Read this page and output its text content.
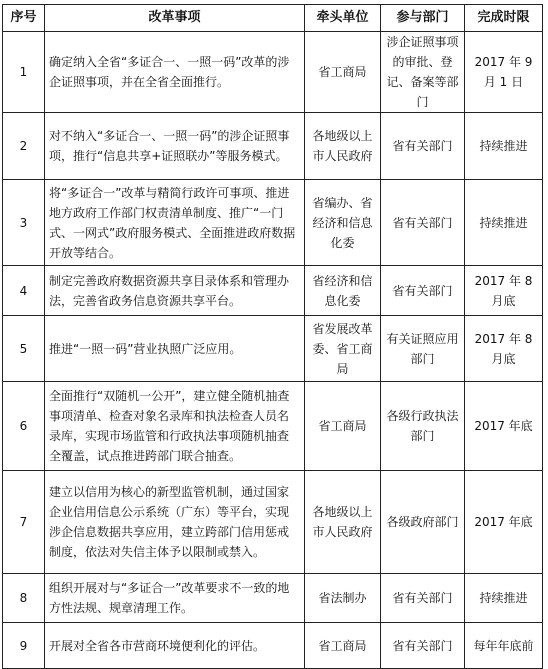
序号	改革事项	牵头单位	参与部门	完成时限
1	确定纳入全省“多证合一、一照一码”改革的涉企证照事项，并在全省全面推行。	省工商局	涉企证照事项的审批、登记、备案等部门	2017 年 9 月 1 日
2	对不纳入“多证合一、一照一码”的涉企证照事项，推行“信息共享+证照联办”等服务模式。	各地级以上市人民政府	省有关部门	持续推进
3	将“多证合一”改革与精简行政许可事项、推进地方政府工作部门权责清单制度、推广“一门式、一网式”政府服务模式、全面推进政府数据开放等结合。	省编办、省经济和信息化委	省有关部门	持续推进
4	制定完善政府数据资源共享目录体系和管理办法，完善省政务信息资源共享平台。	省经济和信息化委	省有关部门	2017 年 8 月底
5	推进“一照一码”营业执照广泛应用。	省发展改革委、省工商局	有关证照应用部门	2017 年 8 月底
6	全面推行“双随机一公开”，建立健全随机抽查事项清单、检查对象名录库和执法检查人员名录库，实现市场监管和行政执法事项随机抽查全覆盖，试点推进跨部门联合抽查。	省工商局	各级行政执法部门	2017 年底
7	建立以信用为核心的新型监管机制，通过国家企业信用信息公示系统（广东）等平台，实现涉企信息数据共享应用，建立跨部门信用惩戒制度，依法对失信主体予以限制或禁入。	各地级以上市人民政府	各级政府部门	2017 年底
8	组织开展对与“多证合一”改革要求不一致的地方性法规、规章清理工作。	省法制办	省有关部门	持续推进
9	开展对全省各市营商环境便利化的评估。	省工商局	省有关部门	每年年底前
